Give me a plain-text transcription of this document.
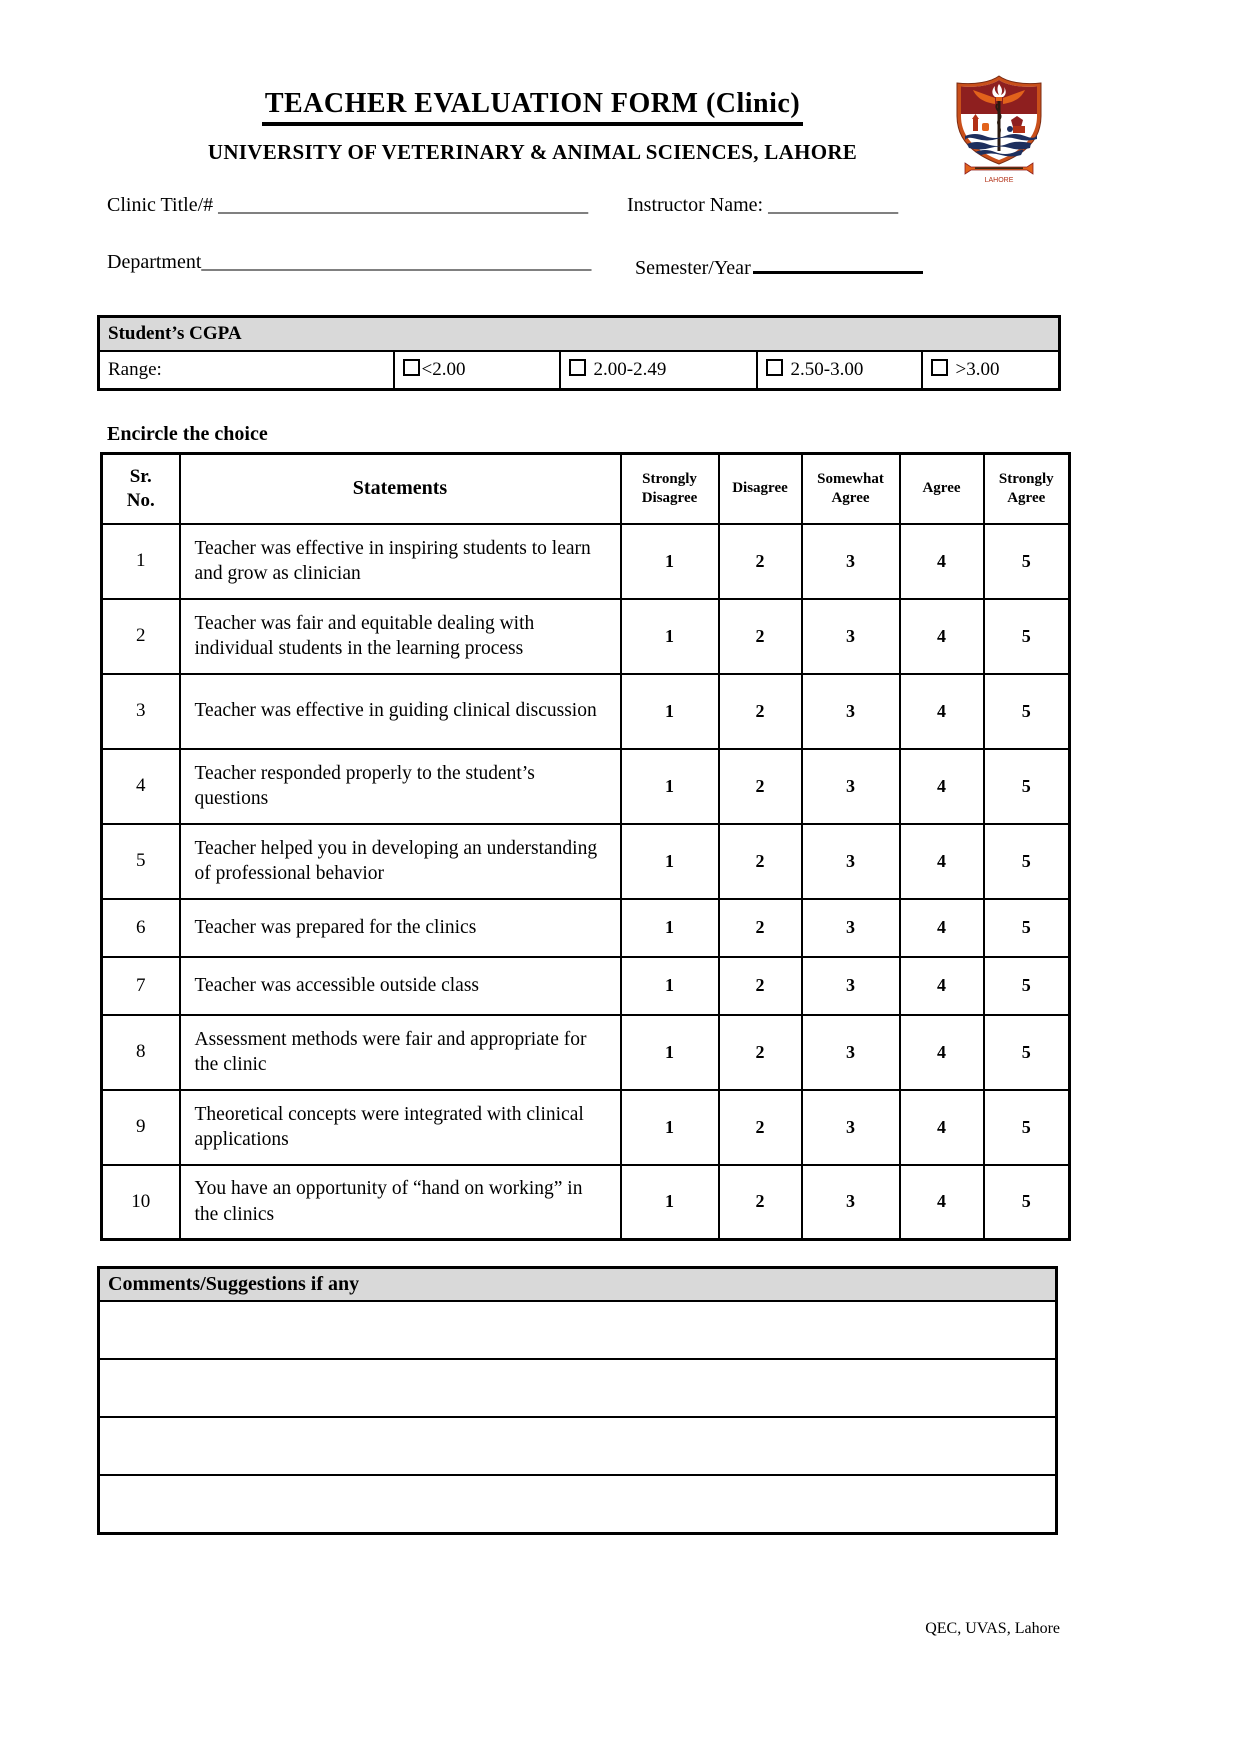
TEACHER EVALUATION FORM (Clinic)
UNIVERSITY OF VETERINARY & ANIMAL SCIENCES, LAHORE
LAHORE
Clinic Title/# _____________________________________ Instructor Name: _____________
Department_______________________________________ Semester/Year
Student’s CGPA
Range:	<2.00	2.00-2.49	2.50-3.00	>3.00
Encircle the choice
Sr.
No.	Statements	Strongly Disagree	Disagree	Somewhat Agree	Agree	Strongly Agree
1	Teacher was effective in inspiring students to learn and grow as clinician	1	2	3	4	5
2	Teacher was fair and equitable dealing with individual students in the learning process	1	2	3	4	5
3	Teacher was effective in guiding clinical discussion	1	2	3	4	5
4	Teacher responded properly to the student’s questions	1	2	3	4	5
5	Teacher helped you in developing an understanding of professional behavior	1	2	3	4	5
6	Teacher was prepared for the clinics	1	2	3	4	5
7	Teacher was accessible outside class	1	2	3	4	5
8	Assessment methods were fair and appropriate for the clinic	1	2	3	4	5
9	Theoretical concepts were integrated with clinical applications	1	2	3	4	5
10	You have an opportunity of “hand on working” in the clinics	1	2	3	4	5
Comments/Suggestions if any

QEC, UVAS, Lahore
